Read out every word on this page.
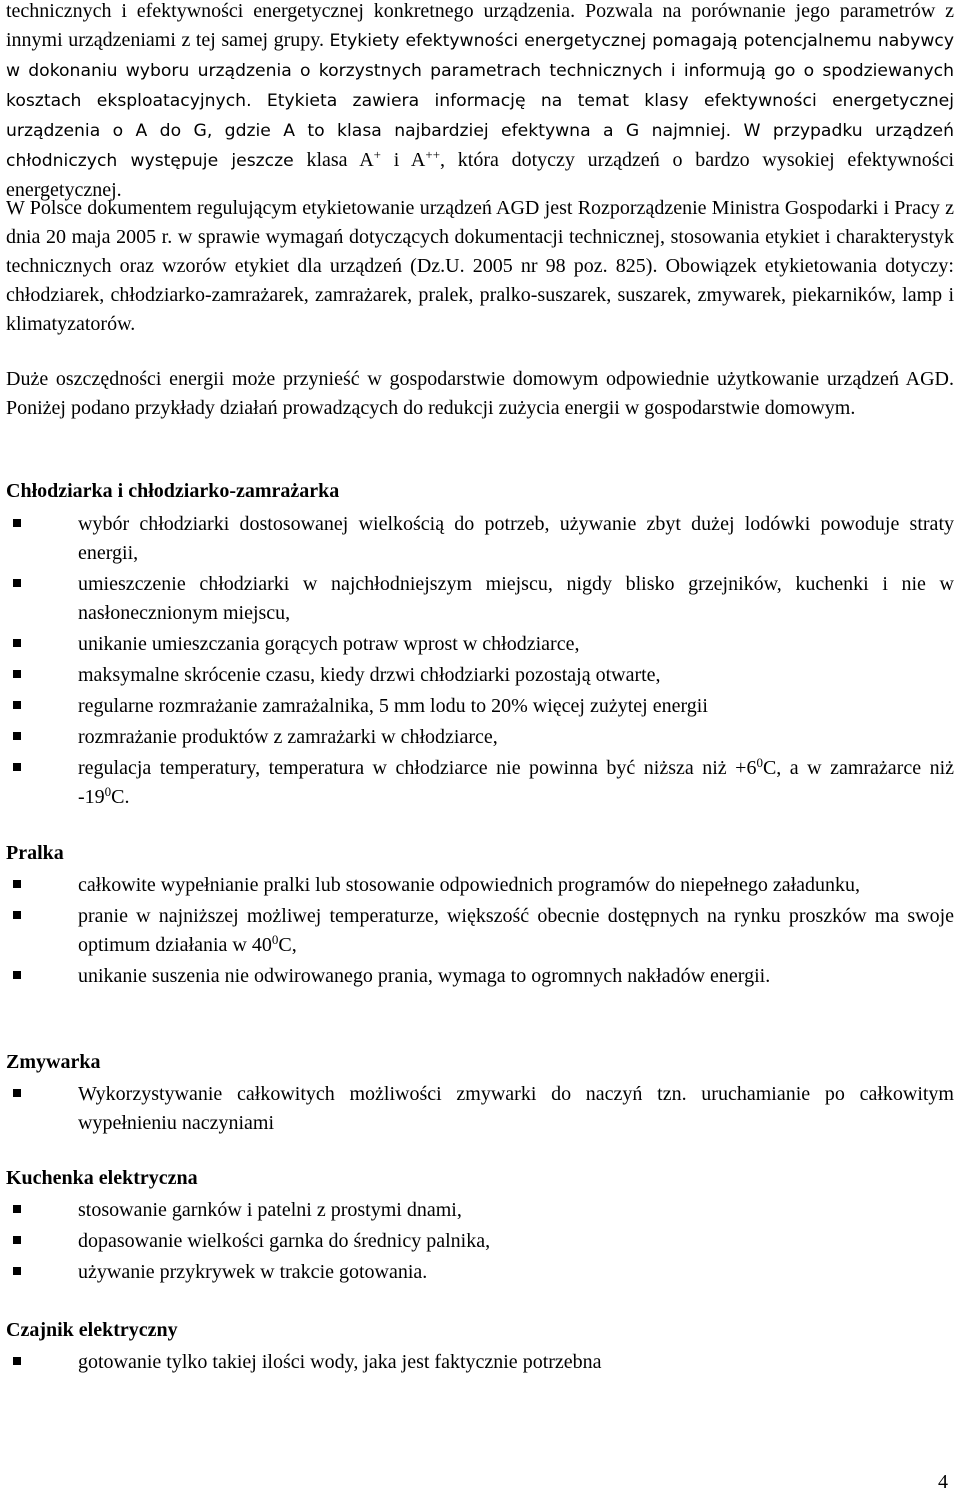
technicznych i efektywności energetycznej konkretnego urządzenia. Pozwala na porównanie jego parametrów z innymi urządzeniami z tej samej grupy. Etykiety efektywności energetycznej pomagają potencjalnemu nabywcy w dokonaniu wyboru urządzenia o korzystnych parametrach technicznych i informują go o spodziewanych kosztach eksploatacyjnych. Etykieta zawiera informację na temat klasy efektywności energetycznej urządzenia o A do G, gdzie A to klasa najbardziej efektywna a G najmniej. W przypadku urządzeń chłodniczych występuje jeszcze klasa A+ i A++, która dotyczy urządzeń o bardzo wysokiej efektywności energetycznej.

W Polsce dokumentem regulującym etykietowanie urządzeń AGD jest Rozporządzenie Ministra Gospodarki i Pracy z dnia 20 maja 2005 r. w sprawie wymagań dotyczących dokumentacji technicznej, stosowania etykiet i charakterystyk technicznych oraz wzorów etykiet dla urządzeń (Dz.U. 2005 nr 98 poz. 825). Obowiązek etykietowania dotyczy: chłodziarek, chłodziarko-zamrażarek, zamrażarek, pralek, pralko-suszarek, suszarek, zmywarek, piekarników, lamp i klimatyzatorów.

Duże oszczędności energii może przynieść w gospodarstwie domowym odpowiednie użytkowanie urządzeń AGD. Poniżej podano przykłady działań prowadzących do redukcji zużycia energii w gospodarstwie domowym.

Chłodziarka i chłodziarko-zamrażarka
wybór chłodziarki dostosowanej wielkością do potrzeb, używanie zbyt dużej lodówki powoduje straty energii,
umieszczenie chłodziarki w najchłodniejszym miejscu, nigdy blisko grzejników, kuchenki i nie w nasłonecznionym miejscu,
unikanie umieszczania gorących potraw wprost w chłodziarce,
maksymalne skrócenie czasu, kiedy drzwi chłodziarki pozostają otwarte,
regularne rozmrażanie zamrażalnika, 5 mm lodu to 20% więcej zużytej energii
rozmrażanie produktów z zamrażarki w chłodziarce,
regulacja temperatury, temperatura w chłodziarce nie powinna być niższa niż $+6^0C$, a w zamrażarce niż $-19^0C$.
Pralka
całkowite wypełnianie pralki lub stosowanie odpowiednich programów do niepełnego załadunku,
pranie w najniższej możliwej temperaturze, większość obecnie dostępnych na rynku proszków ma swoje optimum działania w $40^0C$,
unikanie suszenia nie odwirowanego prania, wymaga to ogromnych nakładów energii.
Zmywarka
Wykorzystywanie całkowitych możliwości zmywarki do naczyń tzn. uruchamianie po całkowitym wypełnieniu naczyniami
Kuchenka elektryczna
stosowanie garnków i patelni z prostymi dnami,
dopasowanie wielkości garnka do średnicy palnika,
używanie przykrywek w trakcie gotowania.
Czajnik elektryczny
gotowanie tylko takiej ilości wody, jaka jest faktycznie potrzebna
4
